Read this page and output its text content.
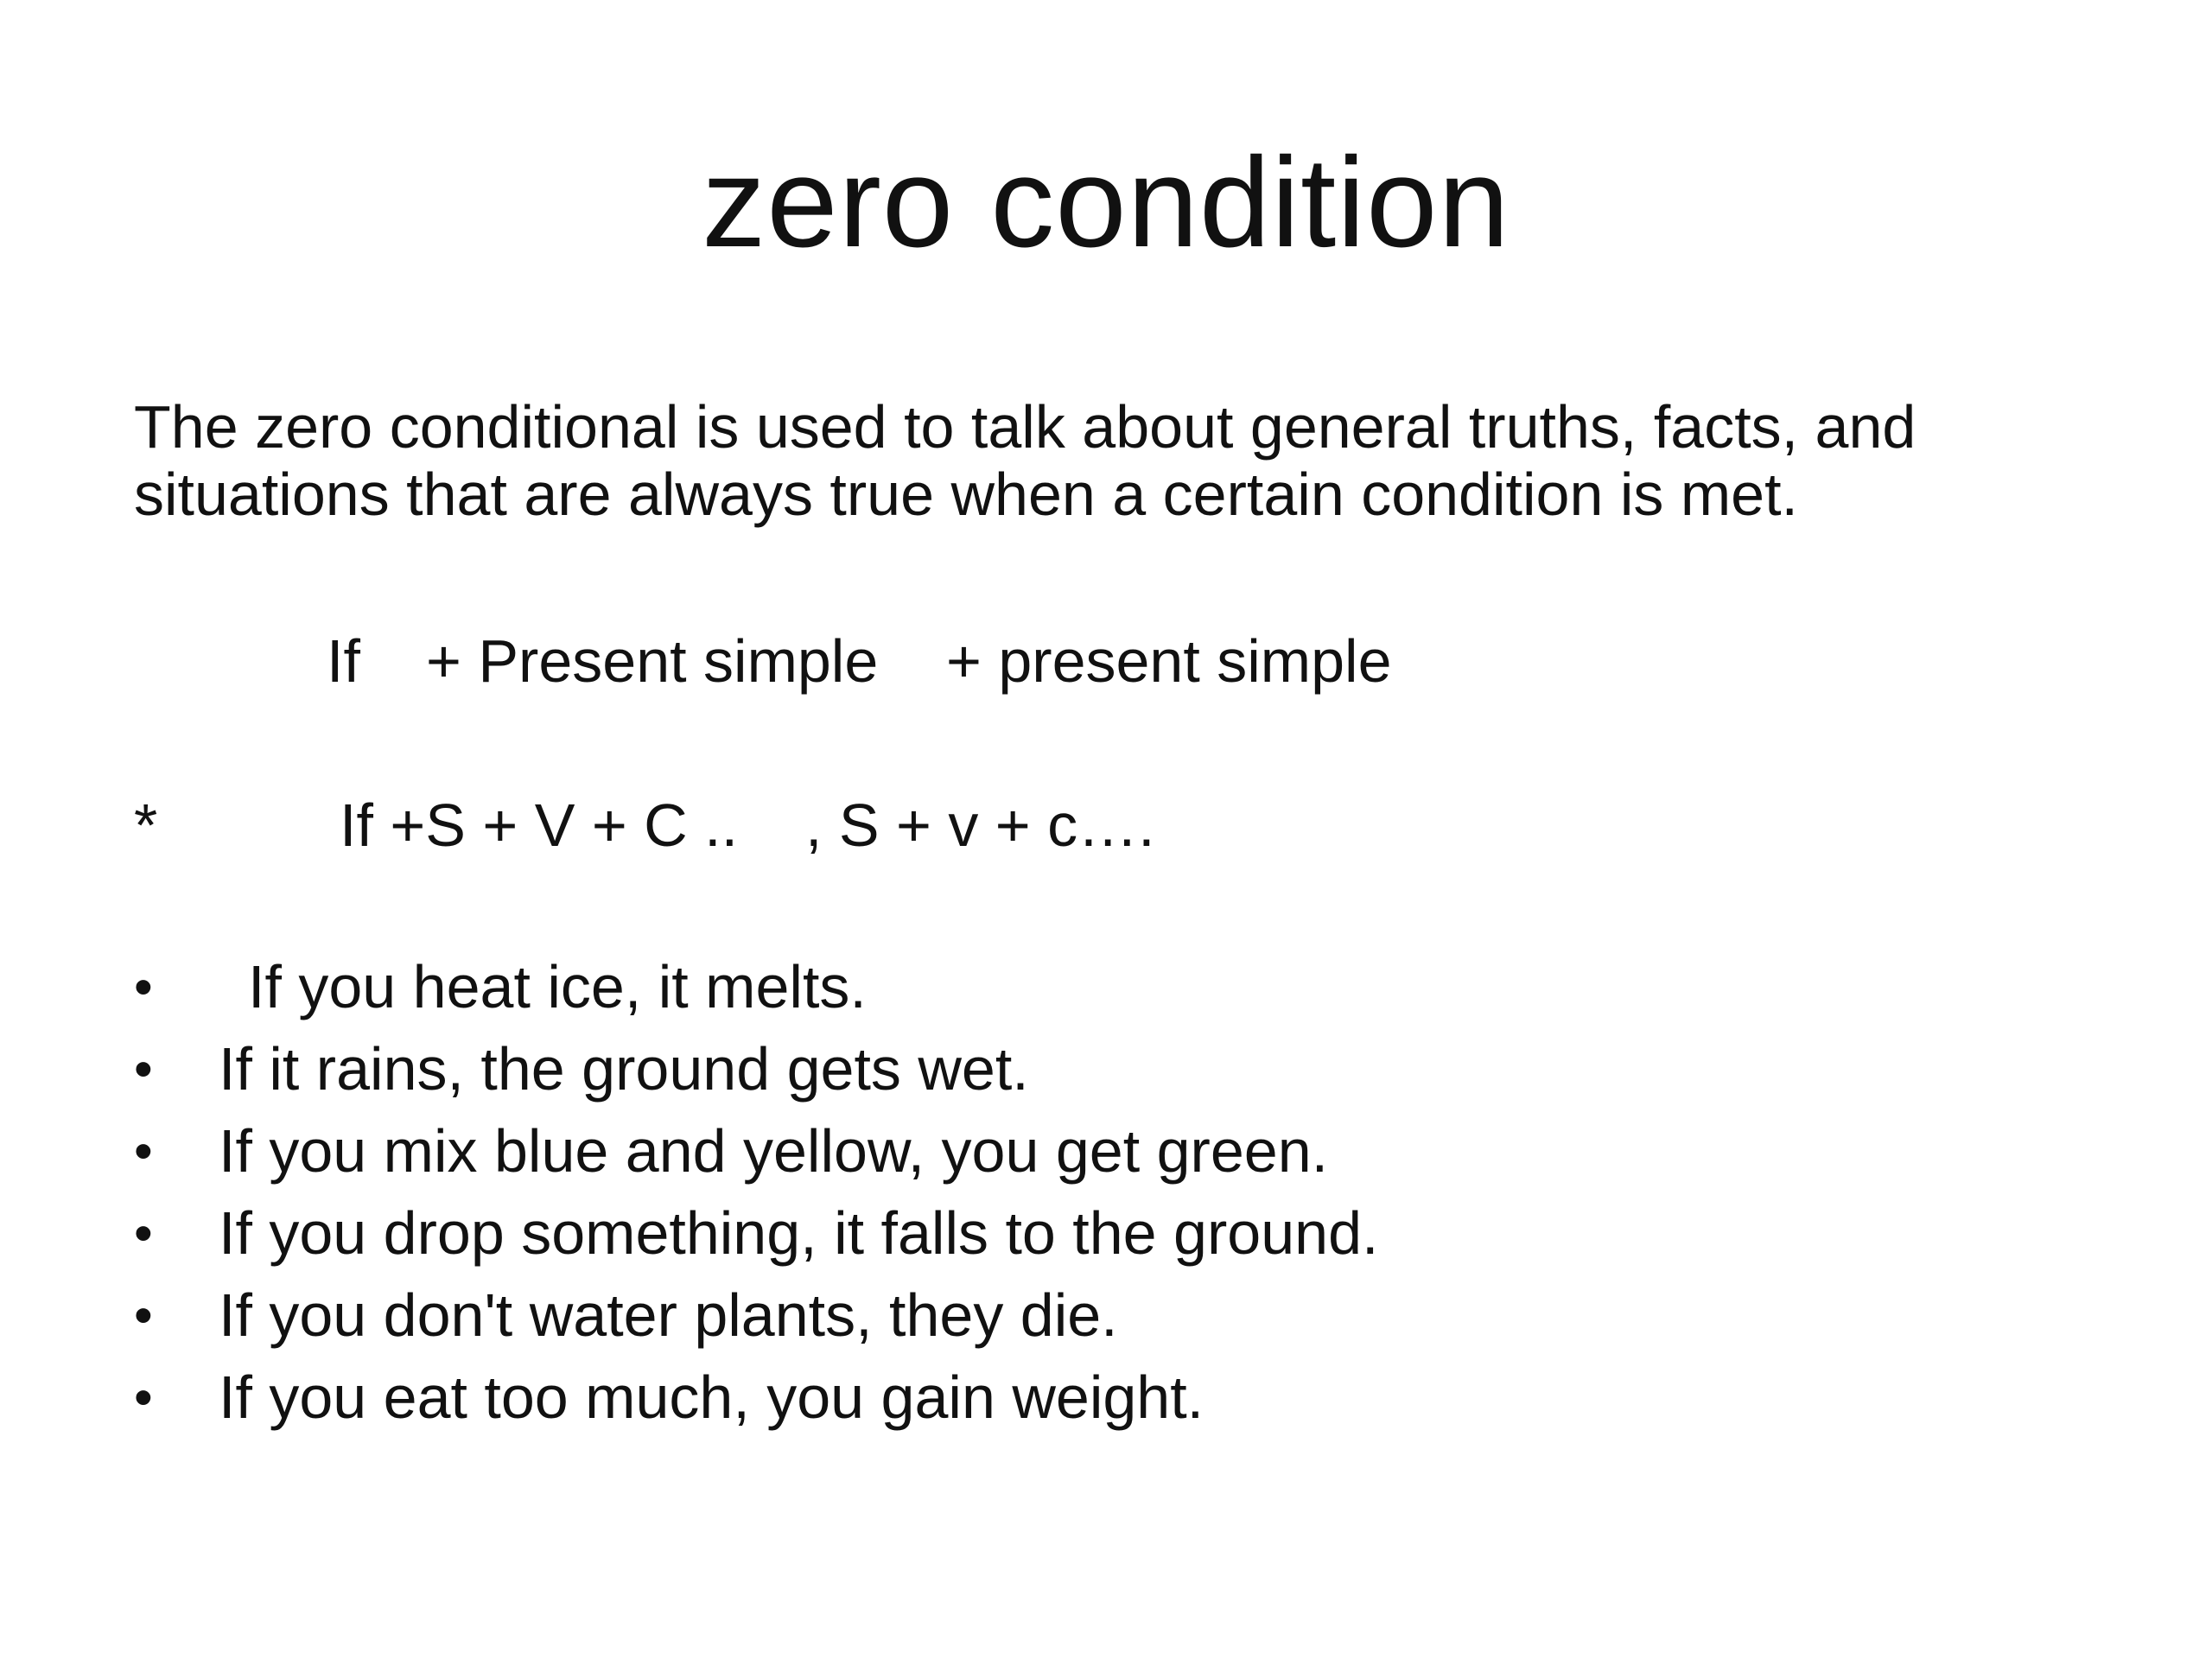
zero condition
The zero conditional is used to talk about general truths, facts, and situations that are always true when a certain condition is met.
If + Present simple + present simple
*	If +S + V + C .. , S + v + c….
• If you heat ice, it melts.
• If it rains, the ground gets wet.
• If you mix blue and yellow, you get green.
• If you drop something, it falls to the ground.
• If you don't water plants, they die.
• If you eat too much, you gain weight.
